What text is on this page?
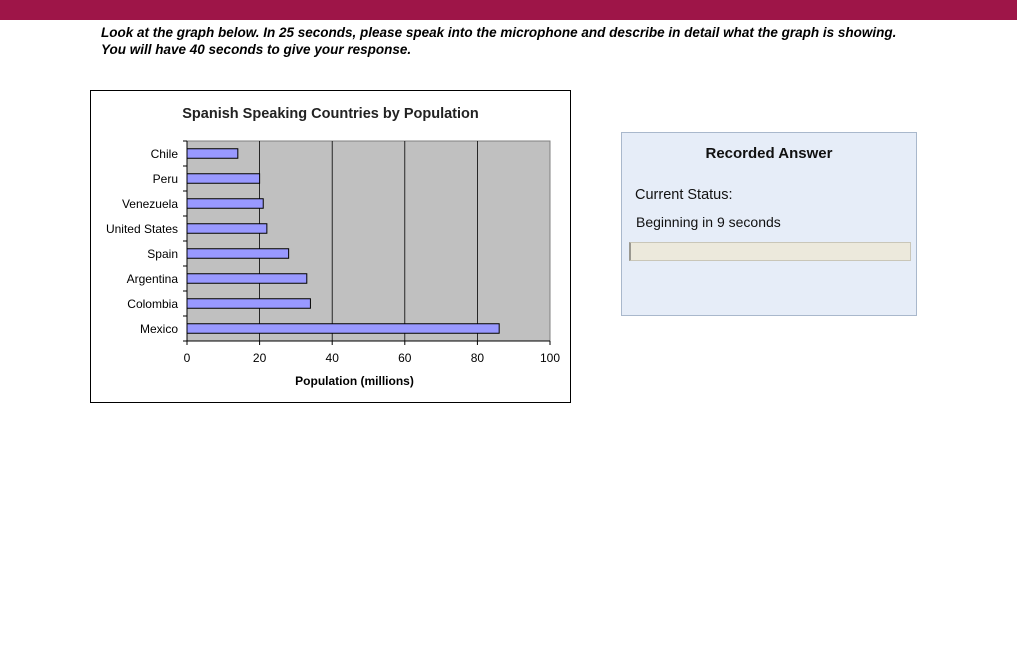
Look at the graph below. In 25 seconds, please speak into the microphone and describe in detail what the graph is showing. You will have 40 seconds to give your response.
Spanish Speaking Countries by Population
Chile
Peru
Venezuela
United States
Spain
Argentina
Colombia
Mexico
0	20	40	60	80	100
Population (millions)
Recorded Answer
Current Status:
Beginning in 9 seconds
